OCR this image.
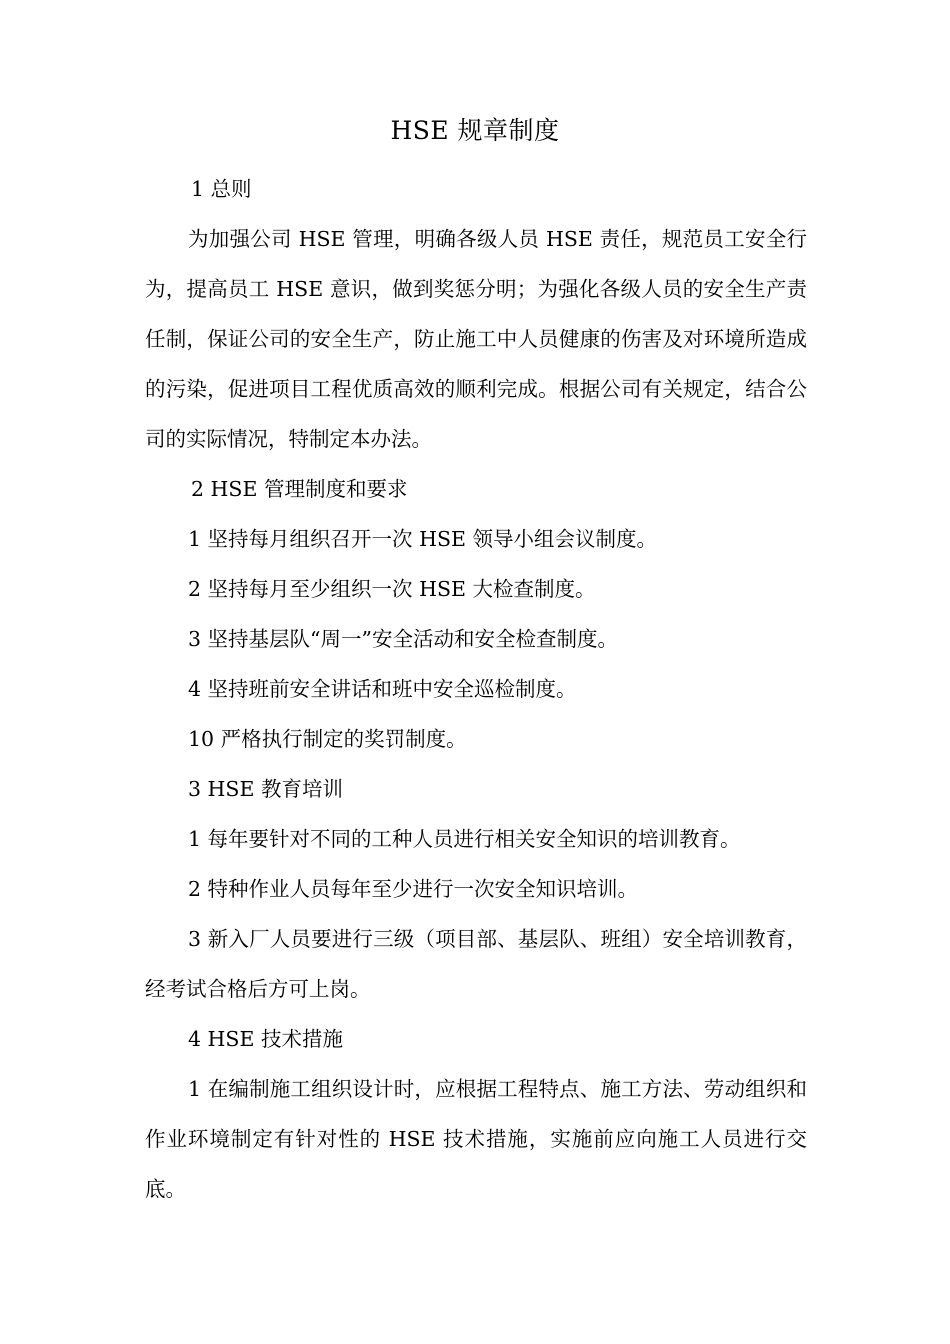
HSE 规章制度

1 总则

为加强公司 HSE 管理，明确各级人员 HSE 责任，规范员工安全行为，提高员工 HSE 意识，做到奖惩分明；为强化各级人员的安全生产责任制，保证公司的安全生产，防止施工中人员健康的伤害及对环境所造成的污染，促进项目工程优质高效的顺利完成。根据公司有关规定，结合公司的实际情况，特制定本办法。

2 HSE 管理制度和要求

1 坚持每月组织召开一次 HSE 领导小组会议制度。

2 坚持每月至少组织一次 HSE 大检查制度。

3 坚持基层队“周一”安全活动和安全检查制度。

4 坚持班前安全讲话和班中安全巡检制度。

10 严格执行制定的奖罚制度。

3 HSE 教育培训

1 每年要针对不同的工种人员进行相关安全知识的培训教育。

2 特种作业人员每年至少进行一次安全知识培训。

3 新入厂人员要进行三级（项目部、基层队、班组）安全培训教育，经考试合格后方可上岗。

4 HSE 技术措施

1 在编制施工组织设计时，应根据工程特点、施工方法、劳动组织和作业环境制定有针对性的 HSE 技术措施，实施前应向施工人员进行交底。
